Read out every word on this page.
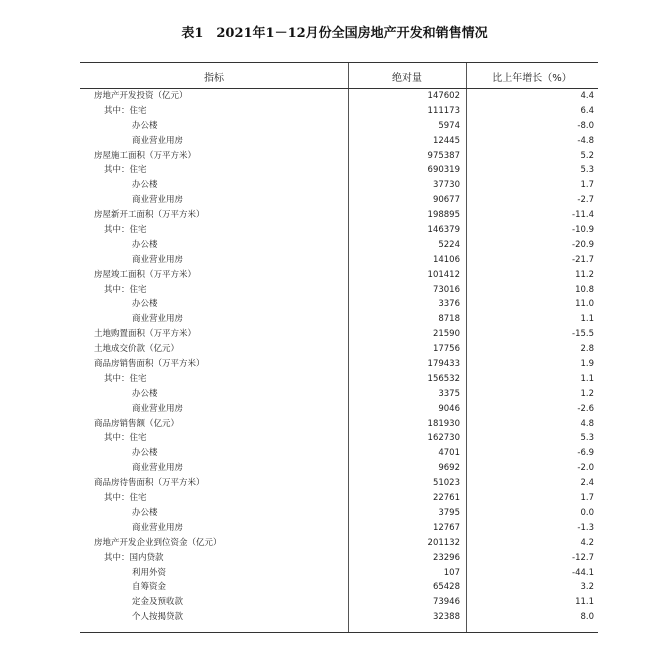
表1　2021年1－12月份全国房地产开发和销售情况
指标	绝对量	比上年增长（%）
房地产开发投资（亿元）	147602	4.4
其中：住宅	111173	6.4
办公楼	5974	-8.0
商业营业用房	12445	-4.8
房屋施工面积（万平方米）	975387	5.2
其中：住宅	690319	5.3
办公楼	37730	1.7
商业营业用房	90677	-2.7
房屋新开工面积（万平方米）	198895	-11.4
其中：住宅	146379	-10.9
办公楼	5224	-20.9
商业营业用房	14106	-21.7
房屋竣工面积（万平方米）	101412	11.2
其中：住宅	73016	10.8
办公楼	3376	11.0
商业营业用房	8718	1.1
土地购置面积（万平方米）	21590	-15.5
土地成交价款（亿元）	17756	2.8
商品房销售面积（万平方米）	179433	1.9
其中：住宅	156532	1.1
办公楼	3375	1.2
商业营业用房	9046	-2.6
商品房销售额（亿元）	181930	4.8
其中：住宅	162730	5.3
办公楼	4701	-6.9
商业营业用房	9692	-2.0
商品房待售面积（万平方米）	51023	2.4
其中：住宅	22761	1.7
办公楼	3795	0.0
商业营业用房	12767	-1.3
房地产开发企业到位资金（亿元）	201132	4.2
其中：国内贷款	23296	-12.7
利用外资	107	-44.1
自筹资金	65428	3.2
定金及预收款	73946	11.1
个人按揭贷款	32388	8.0
